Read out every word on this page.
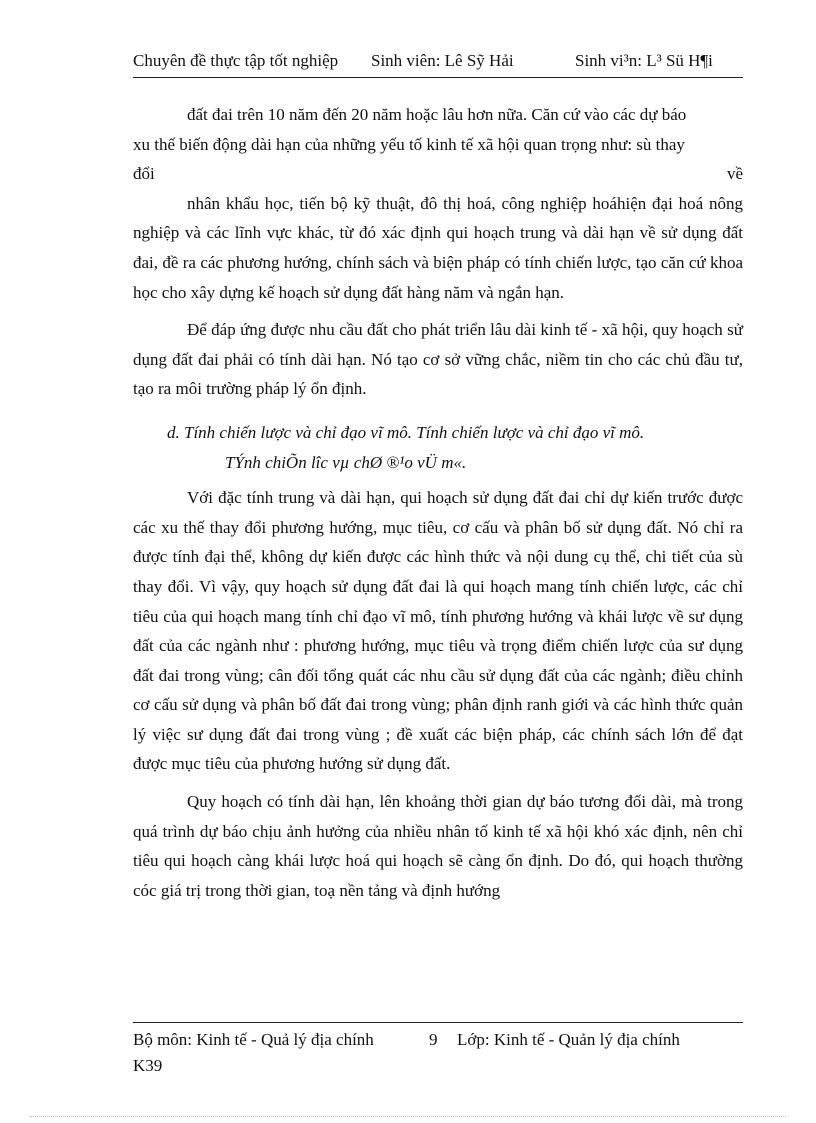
Chuyên đề thực tập tốt nghiệp Sinh viên: Lê Sỹ Hải	Sinh vi³n: L³ Sü H¶i

đất đai trên 10 năm đến 20 năm hoặc lâu hơn nữa. Căn cứ vào các dự báo

xu thế biến động dài hạn của những yếu tố kinh tế xã hội quan trọng như: sù thay

đổi	về

nhân khẩu học, tiến bộ kỹ thuật, đô thị hoá, công nghiệp hoáhiện đại hoá nông nghiệp và các lĩnh vực khác, từ đó xác định qui hoạch trung và dài hạn về sử dụng đất đai, đề ra các phương hướng, chính sách và biện pháp có tính chiến lược, tạo căn cứ khoa học cho xây dựng kế hoạch sử dụng đất hàng năm và ngắn hạn.

Để đáp ứng được nhu cầu đất cho phát triển lâu dài kinh tế - xã hội, quy hoạch sử dụng đất đai phải có tính dài hạn. Nó tạo cơ sở vững chắc, niềm tin cho các chủ đầu tư, tạo ra môi trường pháp lý ổn định.

d. Tính chiến lược và chỉ đạo vĩ mô. Tính chiến lược và chỉ đạo vĩ mô.

TÝnh chiÕn lîc vµ chØ ®¹o vÜ m«.

Với đặc tính trung và dài hạn, qui hoạch sử dụng đất đai chỉ dự kiến trước được các xu thế thay đổi phương hướng, mục tiêu, cơ cấu và phân bố sử dụng đất. Nó chỉ ra được tính đại thể, không dự kiến được các hình thức và nội dung cụ thể, chi tiết của sù thay đổi. Vì vậy, quy hoạch sử dụng đất đai là qui hoạch mang tính chiến lược, các chỉ tiêu của qui hoạch mang tính chỉ đạo vĩ mô, tính phương hướng và khái lược về sư dụng đất của các ngành như : phương hướng, mục tiêu và trọng điểm chiến lược của sư dụng đất đai trong vùng; cân đối tổng quát các nhu cầu sử dụng đất của các ngành; điều chỉnh cơ cấu sử dụng và phân bố đất đai trong vùng; phân định ranh giới và các hình thức quản lý việc sư dụng đất đai trong vùng ; đề xuất các biện pháp, các chính sách lớn để đạt được mục tiêu của phương hướng sử dụng đất.

Quy hoạch có tính dài hạn, lên khoảng thời gian dự báo tương đối dài, mà trong quá trình dự báo chịu ảnh hưởng của nhiều nhân tố kinh tế xã hội khó xác định, nên chỉ tiêu qui hoạch càng khái lược hoá qui hoạch sẽ càng ổn định. Do đó, qui hoạch thường cóc giá trị trong thời gian, toạ nền tảng và định hướng

Bộ môn: Kinh tế - Quả lý địa chính	9 Lớp: Kinh tế - Quản lý địa chính
K39
